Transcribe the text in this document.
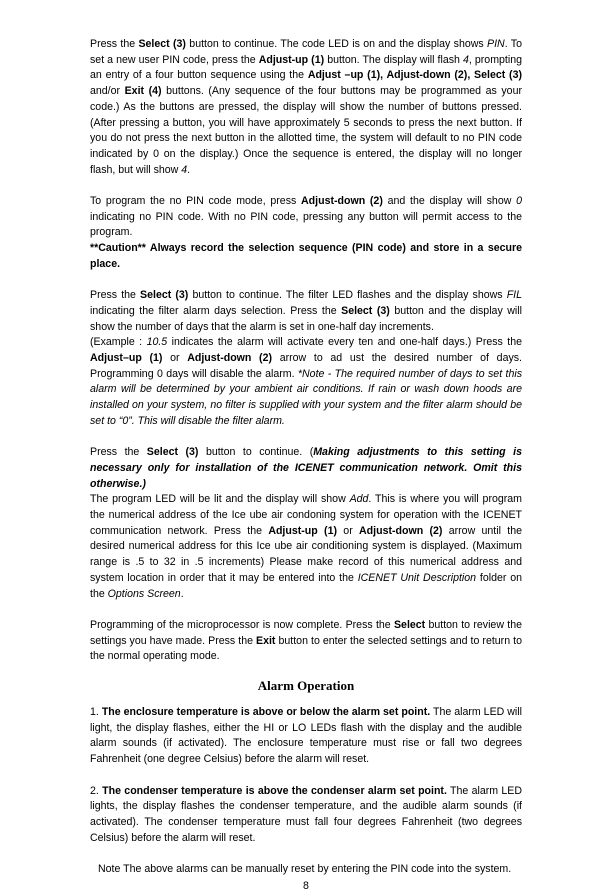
Press the Select (3) button to continue. The code LED is on and the display shows PIN. To set a new user PIN code, press the Adjust-up (1) button. The display will flash 4, prompting an entry of a four button sequence using the Adjust –up (1), Adjust-down (2), Select (3) and/or Exit (4) buttons. (Any sequence of the four buttons may be programmed as your code.) As the buttons are pressed, the display will show the number of buttons pressed. (After pressing a button, you will have approximately 5 seconds to press the next button. If you do not press the next button in the allotted time, the system will default to no PIN code indicated by 0 on the display.) Once the sequence is entered, the display will no longer flash, but will show 4.

To program the no PIN code mode, press Adjust-down (2) and the display will show 0 indicating no PIN code. With no PIN code, pressing any button will permit access to the program.

**Caution** Always record the selection sequence (PIN code) and store in a secure place.

Press the Select (3) button to continue. The filter LED flashes and the display shows FIL indicating the filter alarm days selection. Press the Select (3) button and the display will show the number of days that the alarm is set in one-half day increments.

(Example : 10.5 indicates the alarm will activate every ten and one-half days.) Press the Adjust–up (1) or Adjust-down (2) arrow to ad ust the desired number of days. Programming 0 days will disable the alarm. *Note - The required number of days to set this alarm will be determined by your ambient air conditions. If rain or wash down hoods are installed on your system, no filter is supplied with your system and the filter alarm should be set to “0”. This will disable the filter alarm.

Press the Select (3) button to continue. (Making adjustments to this setting is necessary only for installation of the ICENET communication network. Omit this otherwise.)

The program LED will be lit and the display will show Add. This is where you will program the numerical address of the Ice ube air condoning system for operation with the ICENET communication network. Press the Adjust-up (1) or Adjust-down (2) arrow until the desired numerical address for this Ice ube air conditioning system is displayed. (Maximum range is .5 to 32 in .5 increments) Please make record of this numerical address and system location in order that it may be entered into the ICENET Unit Description folder on the Options Screen.

Programming of the microprocessor is now complete. Press the Select button to review the settings you have made. Press the Exit button to enter the selected settings and to return to the normal operating mode.

Alarm Operation

1. The enclosure temperature is above or below the alarm set point. The alarm LED will light, the display flashes, either the HI or LO LEDs flash with the display and the audible alarm sounds (if activated). The enclosure temperature must rise or fall two degrees Fahrenheit (one degree Celsius) before the alarm will reset.

2. The condenser temperature is above the condenser alarm set point. The alarm LED lights, the display flashes the condenser temperature, and the audible alarm sounds (if activated). The condenser temperature must fall four degrees Fahrenheit (two degrees Celsius) before the alarm will reset.

Note The above alarms can be manually reset by entering the PIN code into the system.

8
